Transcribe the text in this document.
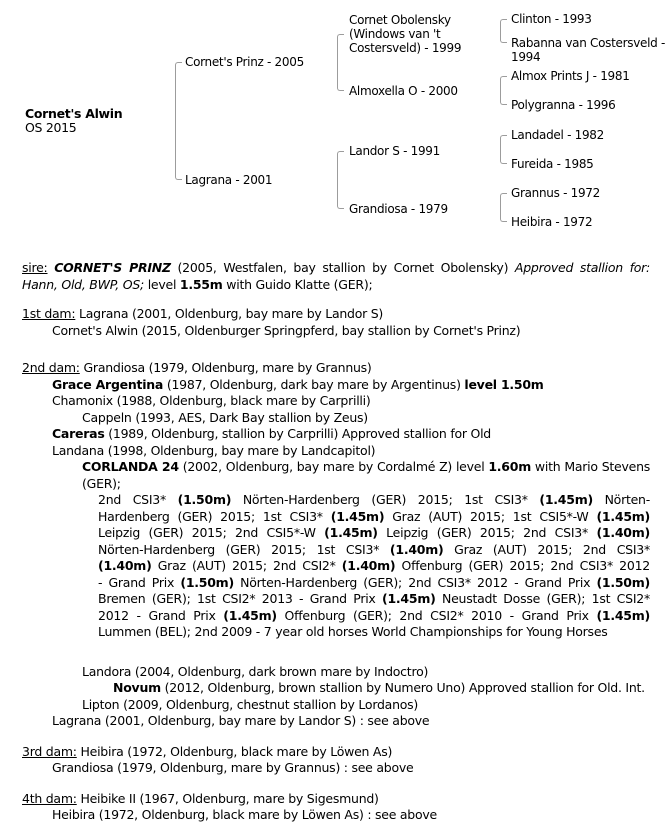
Cornet's Alwin
OS 2015
Cornet's Prinz - 2005
Lagrana - 2001
Cornet Obolensky (Windows van 't Costersveld) - 1999
Almoxella O - 2000
Landor S - 1991
Grandiosa - 1979
Clinton - 1993
Rabanna van Costersveld - 1994
Almox Prints J - 1981
Polygranna - 1996
Landadel - 1982
Fureida - 1985
Grannus - 1972
Heibira - 1972
sire: CORNET'S PRINZ (2005, Westfalen, bay stallion by Cornet Obolensky) Approved stallion for:
Hann, Old, BWP, OS; level 1.55m with Guido Klatte (GER);
1st dam: Lagrana (2001, Oldenburg, bay mare by Landor S)
Cornet's Alwin (2015, Oldenburger Springpferd, bay stallion by Cornet's Prinz)
2nd dam: Grandiosa (1979, Oldenburg, mare by Grannus)
Grace Argentina (1987, Oldenburg, dark bay mare by Argentinus) level 1.50m
Chamonix (1988, Oldenburg, black mare by Carprilli)
Cappeln (1993, AES, Dark Bay stallion by Zeus)
Careras (1989, Oldenburg, stallion by Carprilli) Approved stallion for Old
Landana (1998, Oldenburg, bay mare by Landcapitol)
CORLANDA 24 (2002, Oldenburg, bay mare by Cordalmé Z) level 1.60m with Mario Stevens
(GER);
2nd CSI3* (1.50m) Nörten-Hardenberg (GER) 2015; 1st CSI3* (1.45m) Nörten-
Hardenberg (GER) 2015; 1st CSI3* (1.45m) Graz (AUT) 2015; 1st CSI5*-W (1.45m)
Leipzig (GER) 2015; 2nd CSI5*-W (1.45m) Leipzig (GER) 2015; 2nd CSI3* (1.40m)
Nörten-Hardenberg (GER) 2015; 1st CSI3* (1.40m) Graz (AUT) 2015; 2nd CSI3*
(1.40m) Graz (AUT) 2015; 2nd CSI2* (1.40m) Offenburg (GER) 2015; 2nd CSI3* 2012
- Grand Prix (1.50m) Nörten-Hardenberg (GER); 2nd CSI3* 2012 - Grand Prix (1.50m)
Bremen (GER); 1st CSI2* 2013 - Grand Prix (1.45m) Neustadt Dosse (GER); 1st CSI2*
2012 - Grand Prix (1.45m) Offenburg (GER); 2nd CSI2* 2010 - Grand Prix (1.45m)
Lummen (BEL); 2nd 2009 - 7 year old horses World Championships for Young Horses
Landora (2004, Oldenburg, dark brown mare by Indoctro)
Novum (2012, Oldenburg, brown stallion by Numero Uno) Approved stallion for Old. Int.
Lipton (2009, Oldenburg, chestnut stallion by Lordanos)
Lagrana (2001, Oldenburg, bay mare by Landor S) : see above
3rd dam: Heibira (1972, Oldenburg, black mare by Löwen As)
Grandiosa (1979, Oldenburg, mare by Grannus) : see above
4th dam: Heibike II (1967, Oldenburg, mare by Sigesmund)
Heibira (1972, Oldenburg, black mare by Löwen As) : see above
